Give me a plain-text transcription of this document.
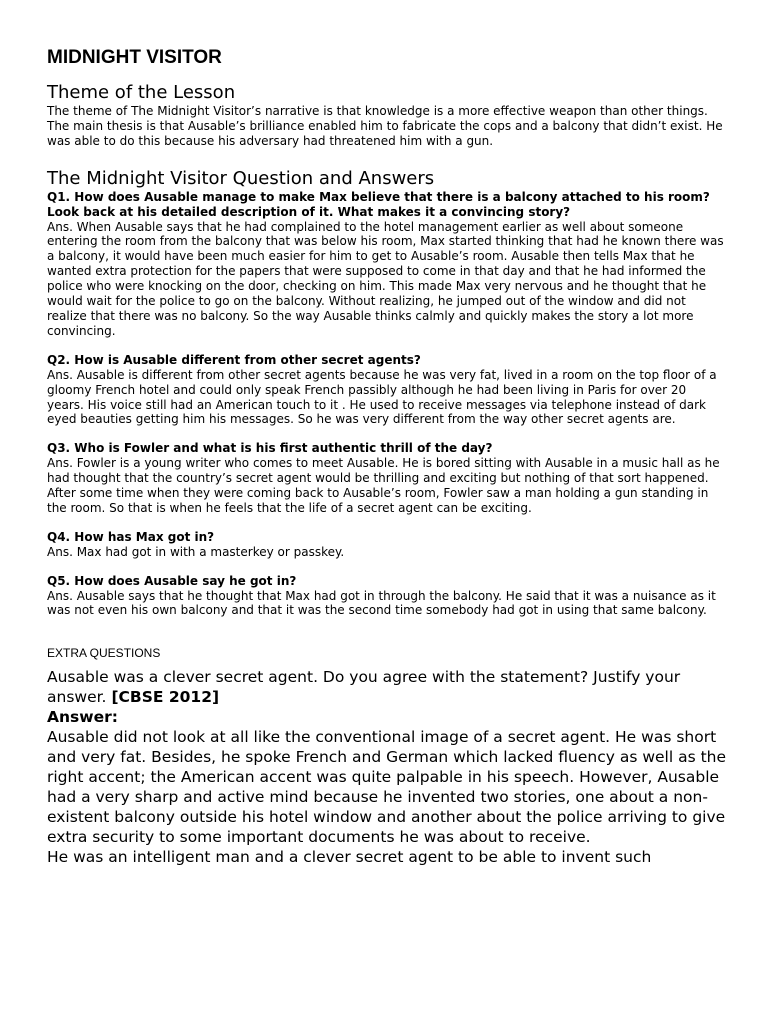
MIDNIGHT VISITOR
Theme of the Lesson

The theme of The Midnight Visitor’s narrative is that knowledge is a more effective weapon than other things. The main thesis is that Ausable’s brilliance enabled him to fabricate the cops and a balcony that didn’t exist. He was able to do this because his adversary had threatened him with a gun.

The Midnight Visitor Question and Answers

Q1. How does Ausable manage to make Max believe that there is a balcony attached to his room? Look back at his detailed description of it. What makes it a convincing story?

Ans. When Ausable says that he had complained to the hotel management earlier as well about someone entering the room from the balcony that was below his room, Max started thinking that had he known there was a balcony, it would have been much easier for him to get to Ausable’s room. Ausable then tells Max that he wanted extra protection for the papers that were supposed to come in that day and that he had informed the police who were knocking on the door, checking on him. This made Max very nervous and he thought that he would wait for the police to go on the balcony. Without realizing, he jumped out of the window and did not realize that there was no balcony. So the way Ausable thinks calmly and quickly makes the story a lot more convincing.

Q2. How is Ausable different from other secret agents?

Ans. Ausable is different from other secret agents because he was very fat, lived in a room on the top floor of a gloomy French hotel and could only speak French passibly although he had been living in Paris for over 20 years. His voice still had an American touch to it . He used to receive messages via telephone instead of dark eyed beauties getting him his messages. So he was very different from the way other secret agents are.

Q3. Who is Fowler and what is his first authentic thrill of the day?

Ans. Fowler is a young writer who comes to meet Ausable. He is bored sitting with Ausable in a music hall as he had thought that the country’s secret agent would be thrilling and exciting but nothing of that sort happened. After some time when they were coming back to Ausable’s room, Fowler saw a man holding a gun standing in the room. So that is when he feels that the life of a secret agent can be exciting.

Q4. How has Max got in?

Ans. Max had got in with a masterkey or passkey.

Q5. How does Ausable say he got in?

Ans. Ausable says that he thought that Max had got in through the balcony. He said that it was a nuisance as it was not even his own balcony and that it was the second time somebody had got in using that same balcony.

EXTRA QUESTIONS

Ausable was a clever secret agent. Do you agree with the statement? Justify your answer. [CBSE 2012]

Answer:

Ausable did not look at all like the conventional image of a secret agent. He was short and very fat. Besides, he spoke French and German which lacked fluency as well as the right accent; the American accent was quite palpable in his speech. However, Ausable had a very sharp and active mind because he invented two stories, one about a non-existent balcony outside his hotel window and another about the police arriving to give extra security to some important documents he was about to receive.

He was an intelligent man and a clever secret agent to be able to invent such
